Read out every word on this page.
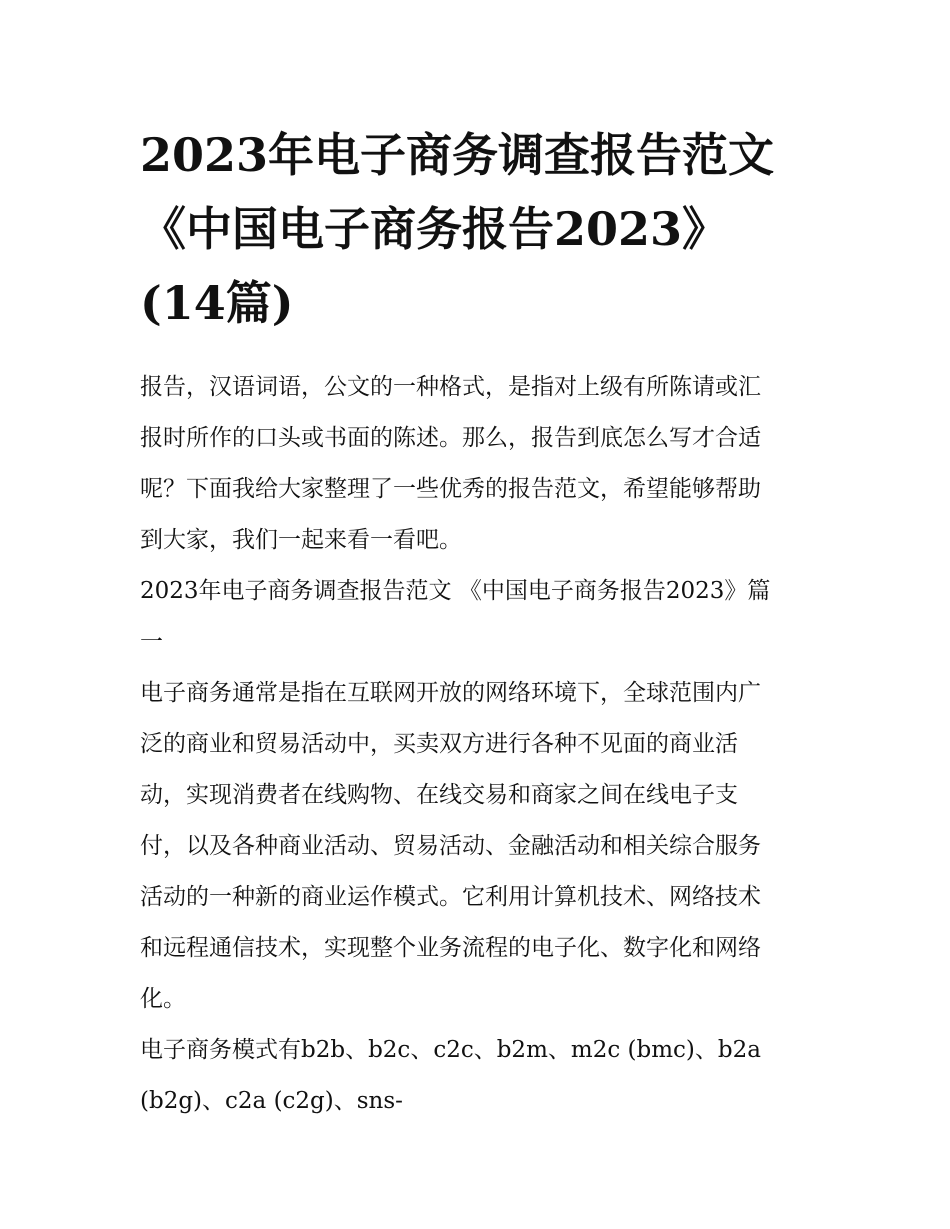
2023年电子商务调查报告范文
《中国电子商务报告2023》
(14篇)
报告，汉语词语，公文的一种格式，是指对上级有所陈请或汇
报时所作的口头或书面的陈述。那么，报告到底怎么写才合适
呢？下面我给大家整理了一些优秀的报告范文，希望能够帮助
到大家，我们一起来看一看吧。
2023年电子商务调查报告范文 《中国电子商务报告2023》篇
一
电子商务通常是指在互联网开放的网络环境下，全球范围内广
泛的商业和贸易活动中，买卖双方进行各种不见面的商业活
动，实现消费者在线购物、在线交易和商家之间在线电子支
付，以及各种商业活动、贸易活动、金融活动和相关综合服务
活动的一种新的商业运作模式。它利用计算机技术、网络技术
和远程通信技术，实现整个业务流程的电子化、数字化和网络
化。
电子商务模式有b2b、b2c、c2c、b2m、m2c (bmc)、b2a
(b2g)、c2a (c2g)、sns-
